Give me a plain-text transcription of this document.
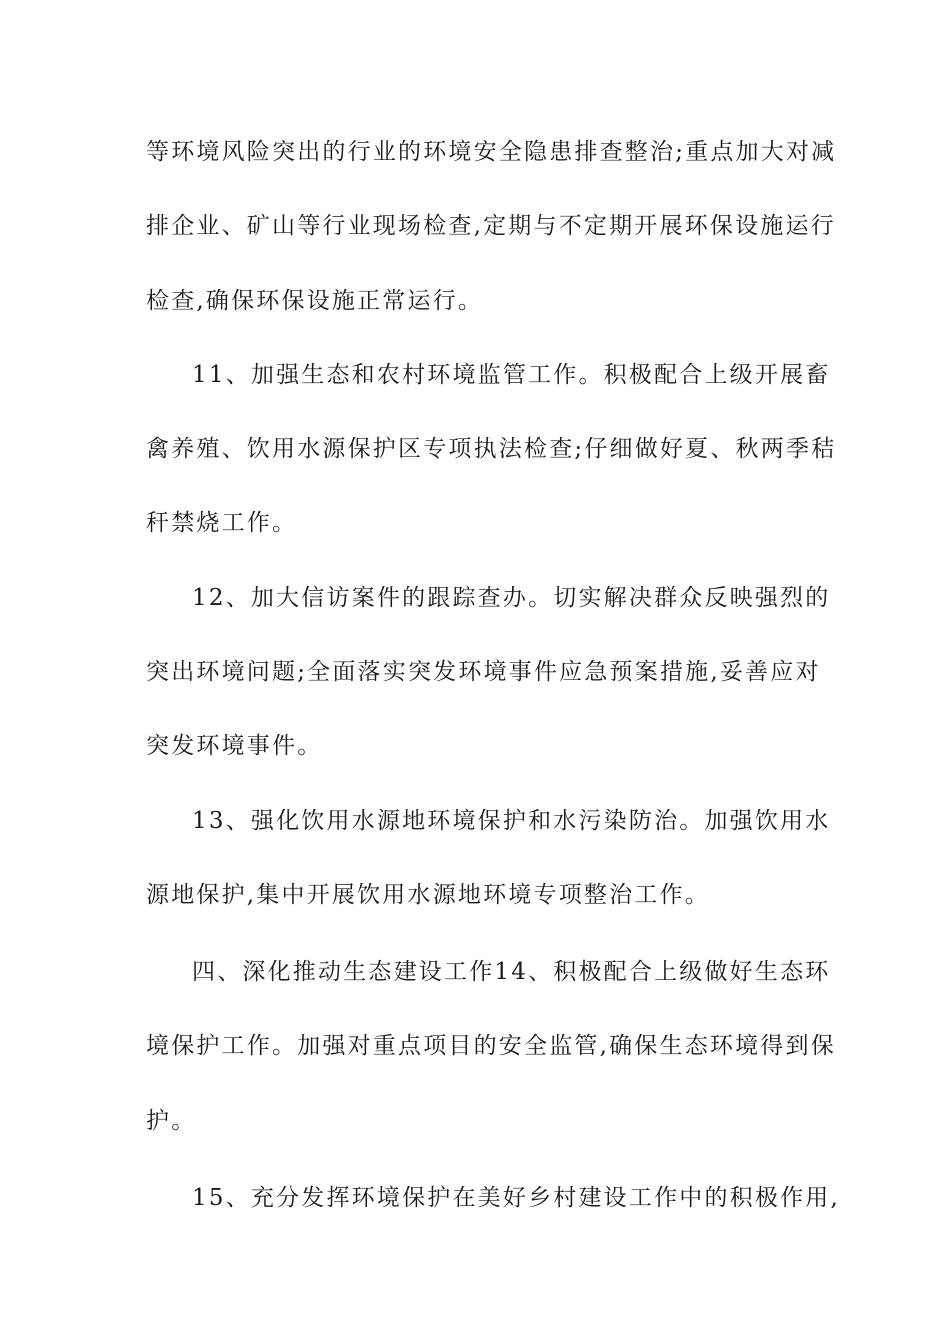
等环境风险突出的行业的环境安全隐患排查整治;重点加大对减
排企业、矿山等行业现场检查,定期与不定期开展环保设施运行
检查,确保环保设施正常运行。
11、加强生态和农村环境监管工作。积极配合上级开展畜
禽养殖、饮用水源保护区专项执法检查;仔细做好夏、秋两季秸
秆禁烧工作。
12、加大信访案件的跟踪查办。切实解决群众反映强烈的
突出环境问题;全面落实突发环境事件应急预案措施,妥善应对
突发环境事件。
13、强化饮用水源地环境保护和水污染防治。加强饮用水
源地保护,集中开展饮用水源地环境专项整治工作。
四、深化推动生态建设工作14、积极配合上级做好生态环
境保护工作。加强对重点项目的安全监管,确保生态环境得到保
护。
15、充分发挥环境保护在美好乡村建设工作中的积极作用,
